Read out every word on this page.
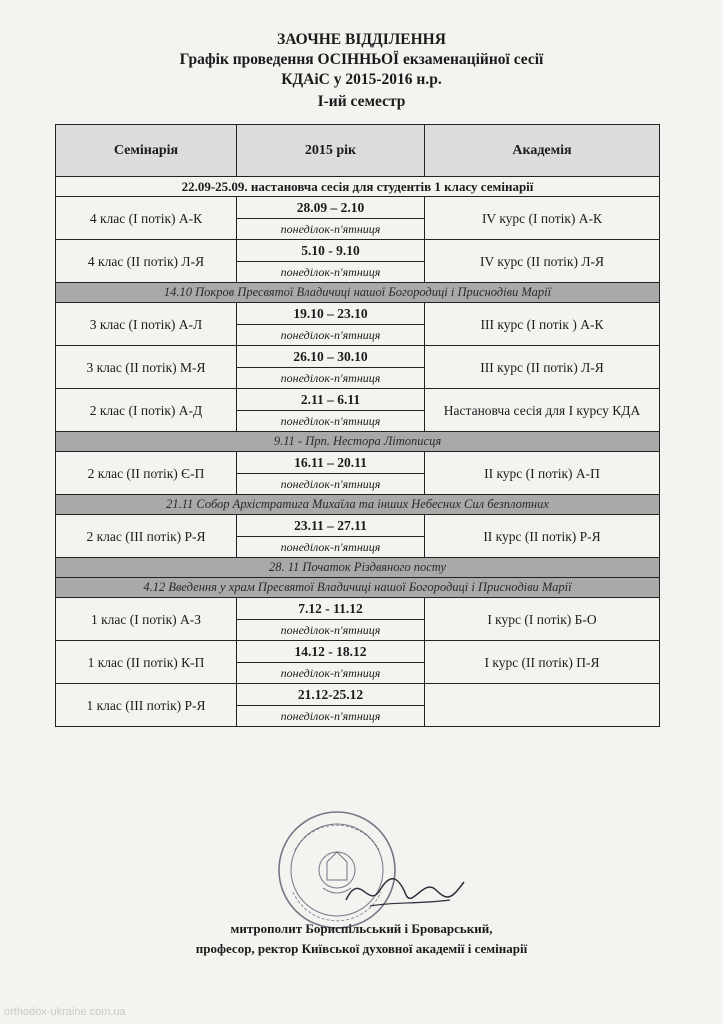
ЗАОЧНЕ ВІДДІЛЕННЯ
Графік проведення ОСІННЬОЇ екзаменаційної сесії
КДАіС у 2015-2016 н.р.
І-ий семестр
Семінарія	2015 рік	Академія
22.09-25.09. настановча сесія для студентів 1 класу семінарії		
4 клас (І потік) А-К	28.09 – 2.10	IV курс (І потік) А-К
	понеділок-п'ятниця	
4 клас (ІІ потік) Л-Я	5.10 - 9.10	IV курс (ІІ потік) Л-Я
	понеділок-п'ятниця	
14.10 Покров Пресвятої Владичиці нашої Богородиці і Приснодіви Марії		
3 клас (І потік) А-Л	19.10 – 23.10	III курс (І потік ) А-К
	понеділок-п'ятниця	
3 клас (ІІ потік) М-Я	26.10 – 30.10	III курс (ІІ потік) Л-Я
	понеділок-п'ятниця	
2 клас (І потік) А-Д	2.11 – 6.11	Настановча сесія для І курсу КДА
	понеділок-п'ятниця	
9.11 - Прп. Нестора Літописця		
2 клас (ІІ потік) Є-П	16.11 – 20.11	ІІ курс (І потік) А-П
	понеділок-п'ятниця	
21.11 Собор Архістратига Михаїла та інших Небесних Сил безплотних		
2 клас (ІІІ потік) Р-Я	23.11 – 27.11	ІІ курс (ІІ потік) Р-Я
	понеділок-п'ятниця	
28. 11 Початок Різдвяного посту		
4.12 Введення у храм Пресвятої Владичиці нашої Богородиці і Приснодіви Марії		
1 клас (І потік) А-З	7.12 - 11.12	І курс (І потік) Б-О
	понеділок-п'ятниця	
1 клас (ІІ потік) К-П	14.12 - 18.12	І курс (ІІ потік) П-Я
	понеділок-п'ятниця	
1 клас (ІІІ потік) Р-Я	21.12-25.12	
	понеділок-п'ятниця	
митрополит Бориспільський і Броварський,
професор, ректор Київської духовної академії і семінарії
orthodox-ukraine.com.ua
